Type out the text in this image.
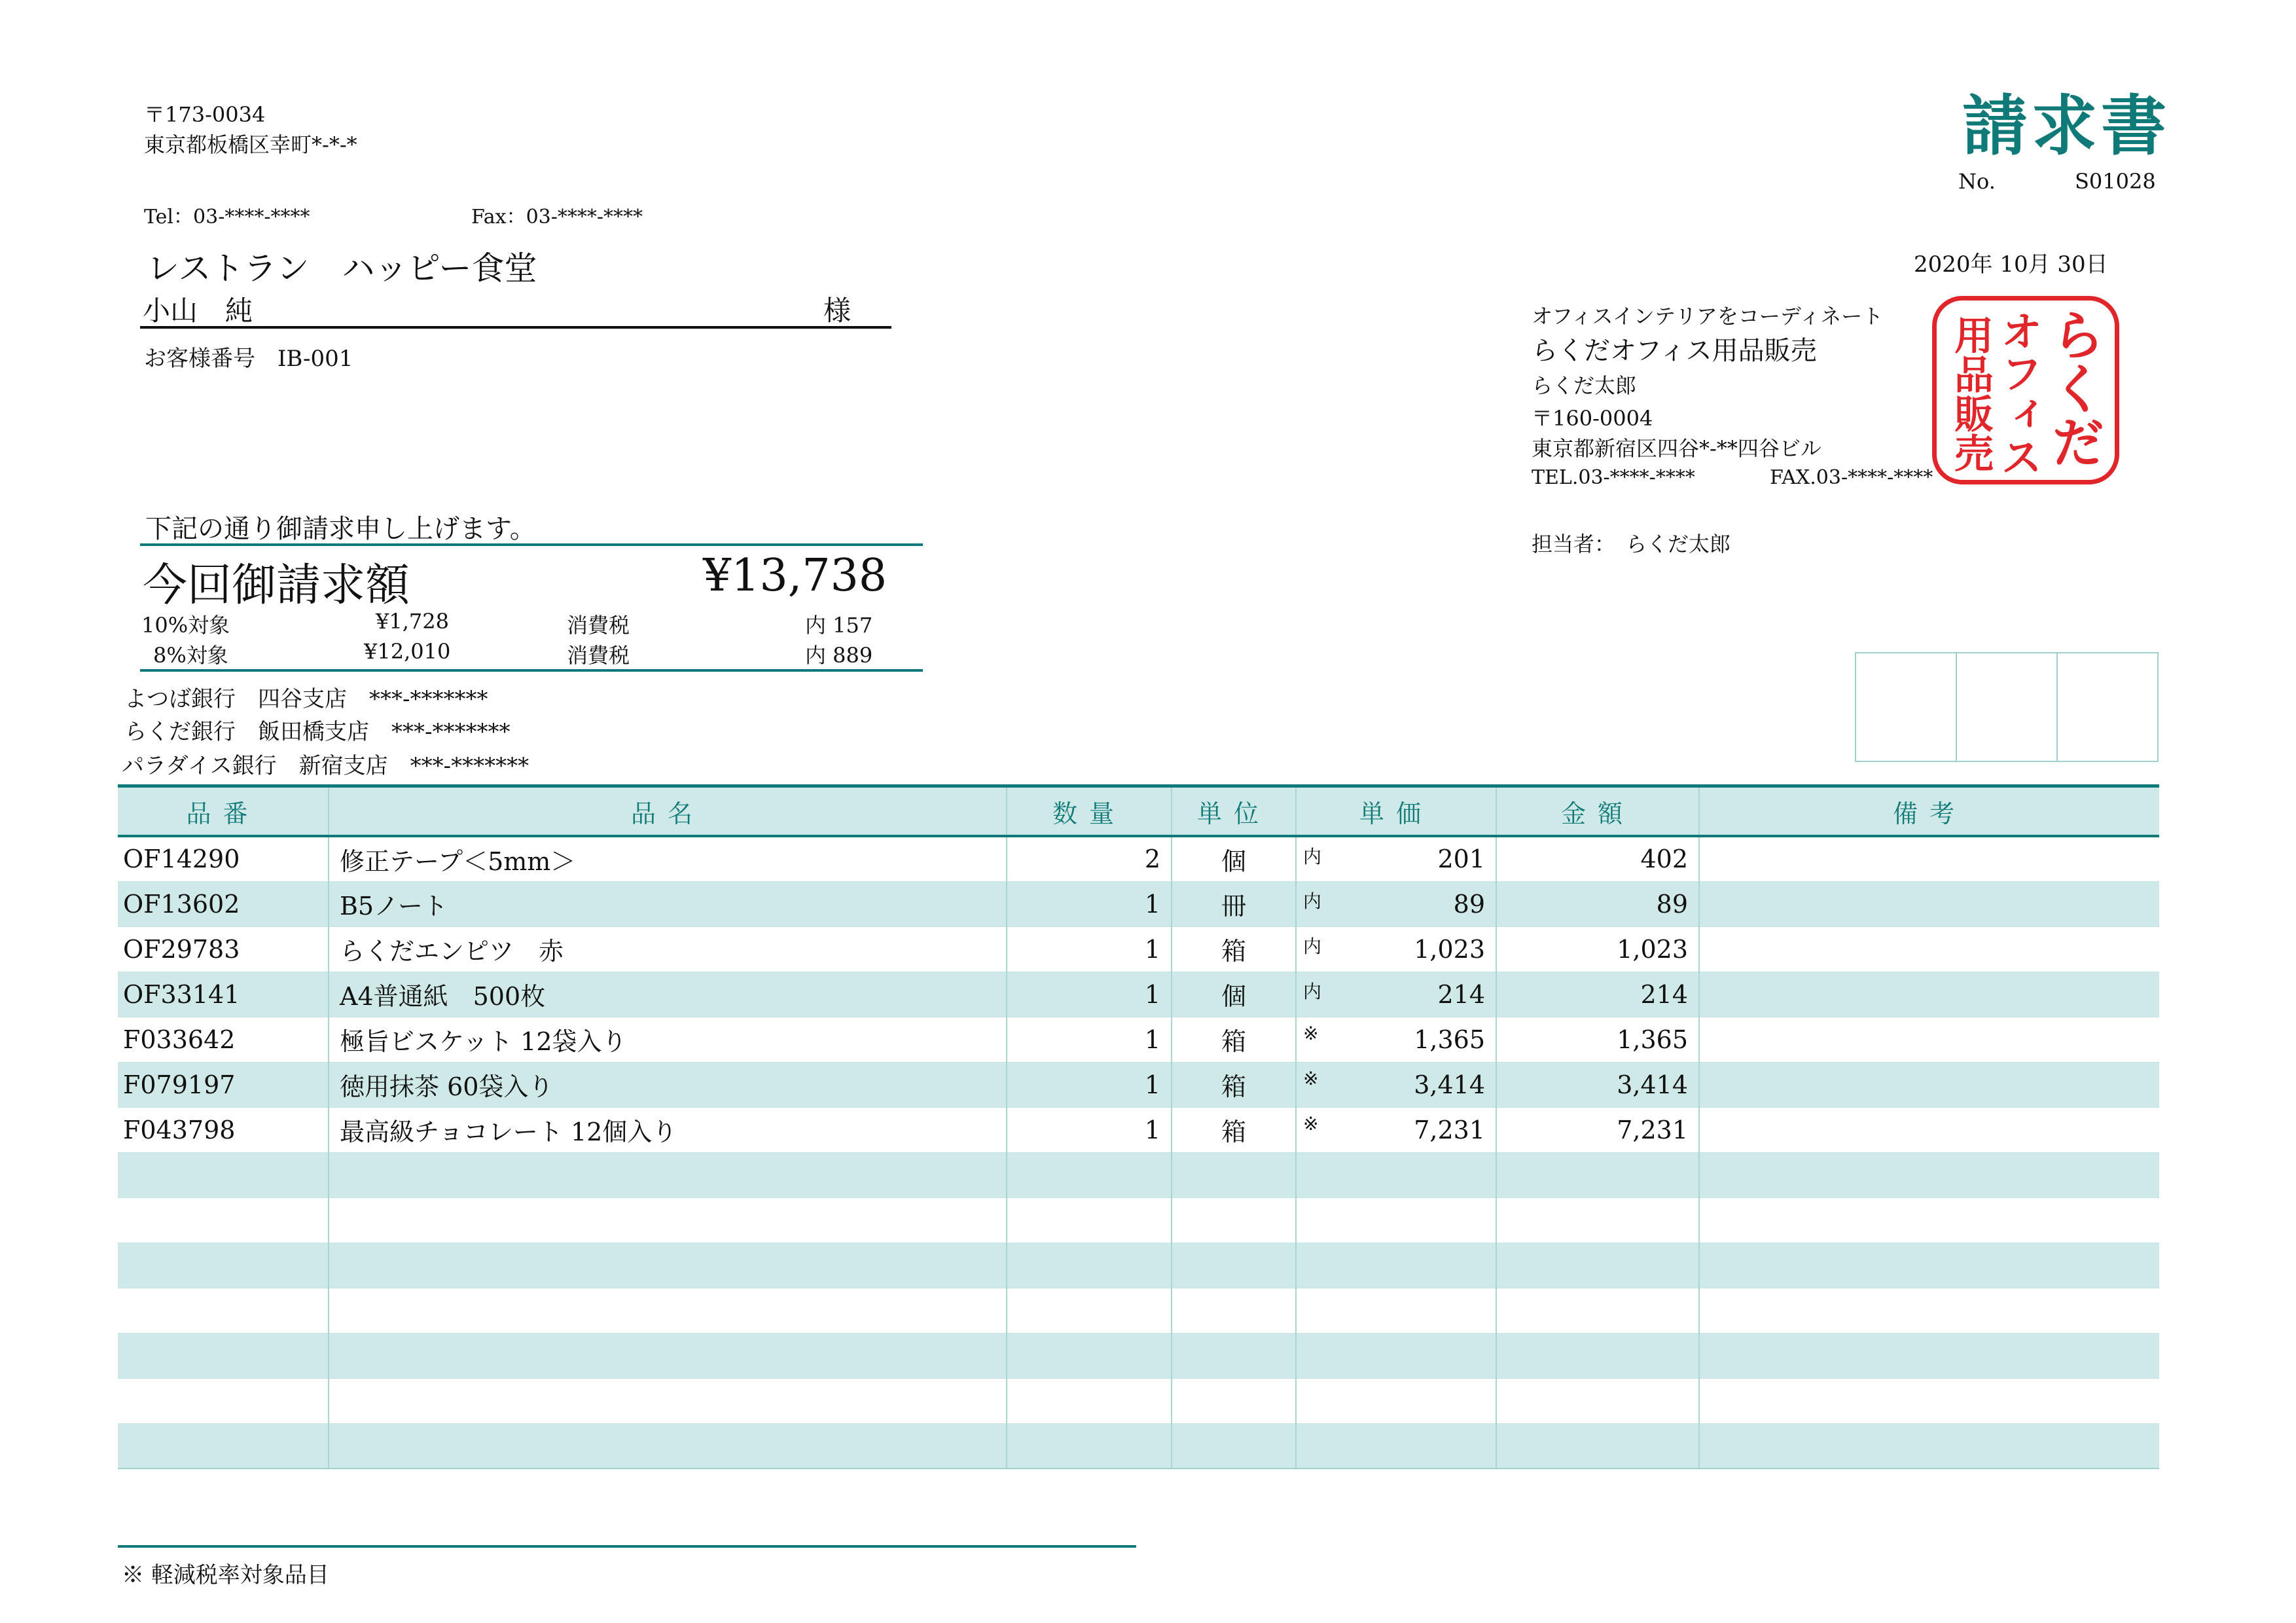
請求書
No.	S01028
2020年 10月 30日
〒173-0034
東京都板橋区幸町*-*-*
Tel：03-****-****	Fax：03-****-****
レストラン　ハッピー食堂
小山　純	様
お客様番号　IB-001
オフィスインテリアをコーディネート
らくだオフィス用品販売
らくだ太郎
〒160-0004
東京都新宿区四谷*-**四谷ビル
TEL.03-****-****	FAX.03-****-****
担当者：　らくだ太郎
用品販売 オフィス らくだ
下記の通り御請求申し上げます。
今回御請求額	¥13,738
10%対象	¥1,728	消費税	内 157
8%対象	¥12,010	消費税	内 889
よつば銀行　四谷支店　***-*******
らくだ銀行　飯田橋支店　***-*******
パラダイス銀行　新宿支店　***-*******
品番	品名	数量	単位	単価	金額	備考
OF14290	修正テープ＜5mm＞	2	個	内 201	402	
OF13602	B5ノート	1	冊	内 89	89	
OF29783	らくだエンピツ　赤	1	箱	内 1,023	1,023	
OF33141	A4普通紙　500枚	1	個	内 214	214	
F033642	極旨ビスケット 12袋入り	1	箱	※ 1,365	1,365	
F079197	徳用抹茶 60袋入り	1	箱	※ 3,414	3,414	
F043798	最高級チョコレート 12個入り	1	箱	※ 7,231	7,231	

※ 軽減税率対象品目
